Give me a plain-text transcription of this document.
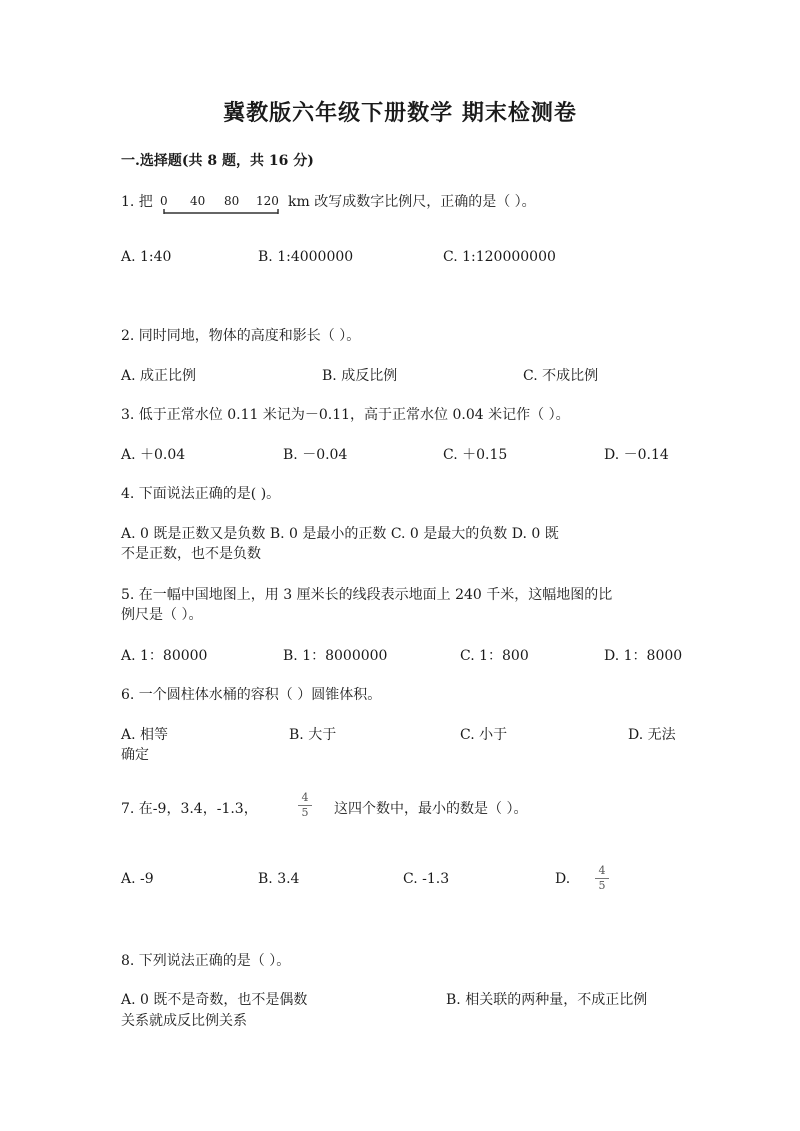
冀教版六年级下册数学 期末检测卷
一.选择题(共 8 题，共 16 分)
1. 把 0 40 80 120 km 改写成数字比例尺，正确的是（ ）。
A. 1:40	B. 1:4000000	C. 1:120000000
2. 同时同地，物体的高度和影长（ ）。
A. 成正比例	B. 成反比例	C. 不成比例
3. 低于正常水位 0.11 米记为－0.11，高于正常水位 0.04 米记作（ ）。
A. ＋0.04	B. －0.04	C. ＋0.15	D. －0.14
4. 下面说法正确的是( )。
A. 0 既是正数又是负数 B. 0 是最小的正数 C. 0 是最大的负数 D. 0 既
不是正数，也不是负数
5. 在一幅中国地图上，用 3 厘米长的线段表示地面上 240 千米，这幅地图的比
例尺是（ ）。
A. 1：80000	B. 1：8000000	C. 1：800	D. 1：8000
6. 一个圆柱体水桶的容积（ ）圆锥体积。
A. 相等	B. 大于	C. 小于	D. 无法
确定
7. 在-9，3.4，-1.3，
4
5 这四个数中，最小的数是（ ）。
A. -9	B. 3.4	C. -1.3	D.
4
5
8. 下列说法正确的是（ ）。
A. 0 既不是奇数，也不是偶数	B. 相关联的两种量，不成正比例
关系就成反比例关系
